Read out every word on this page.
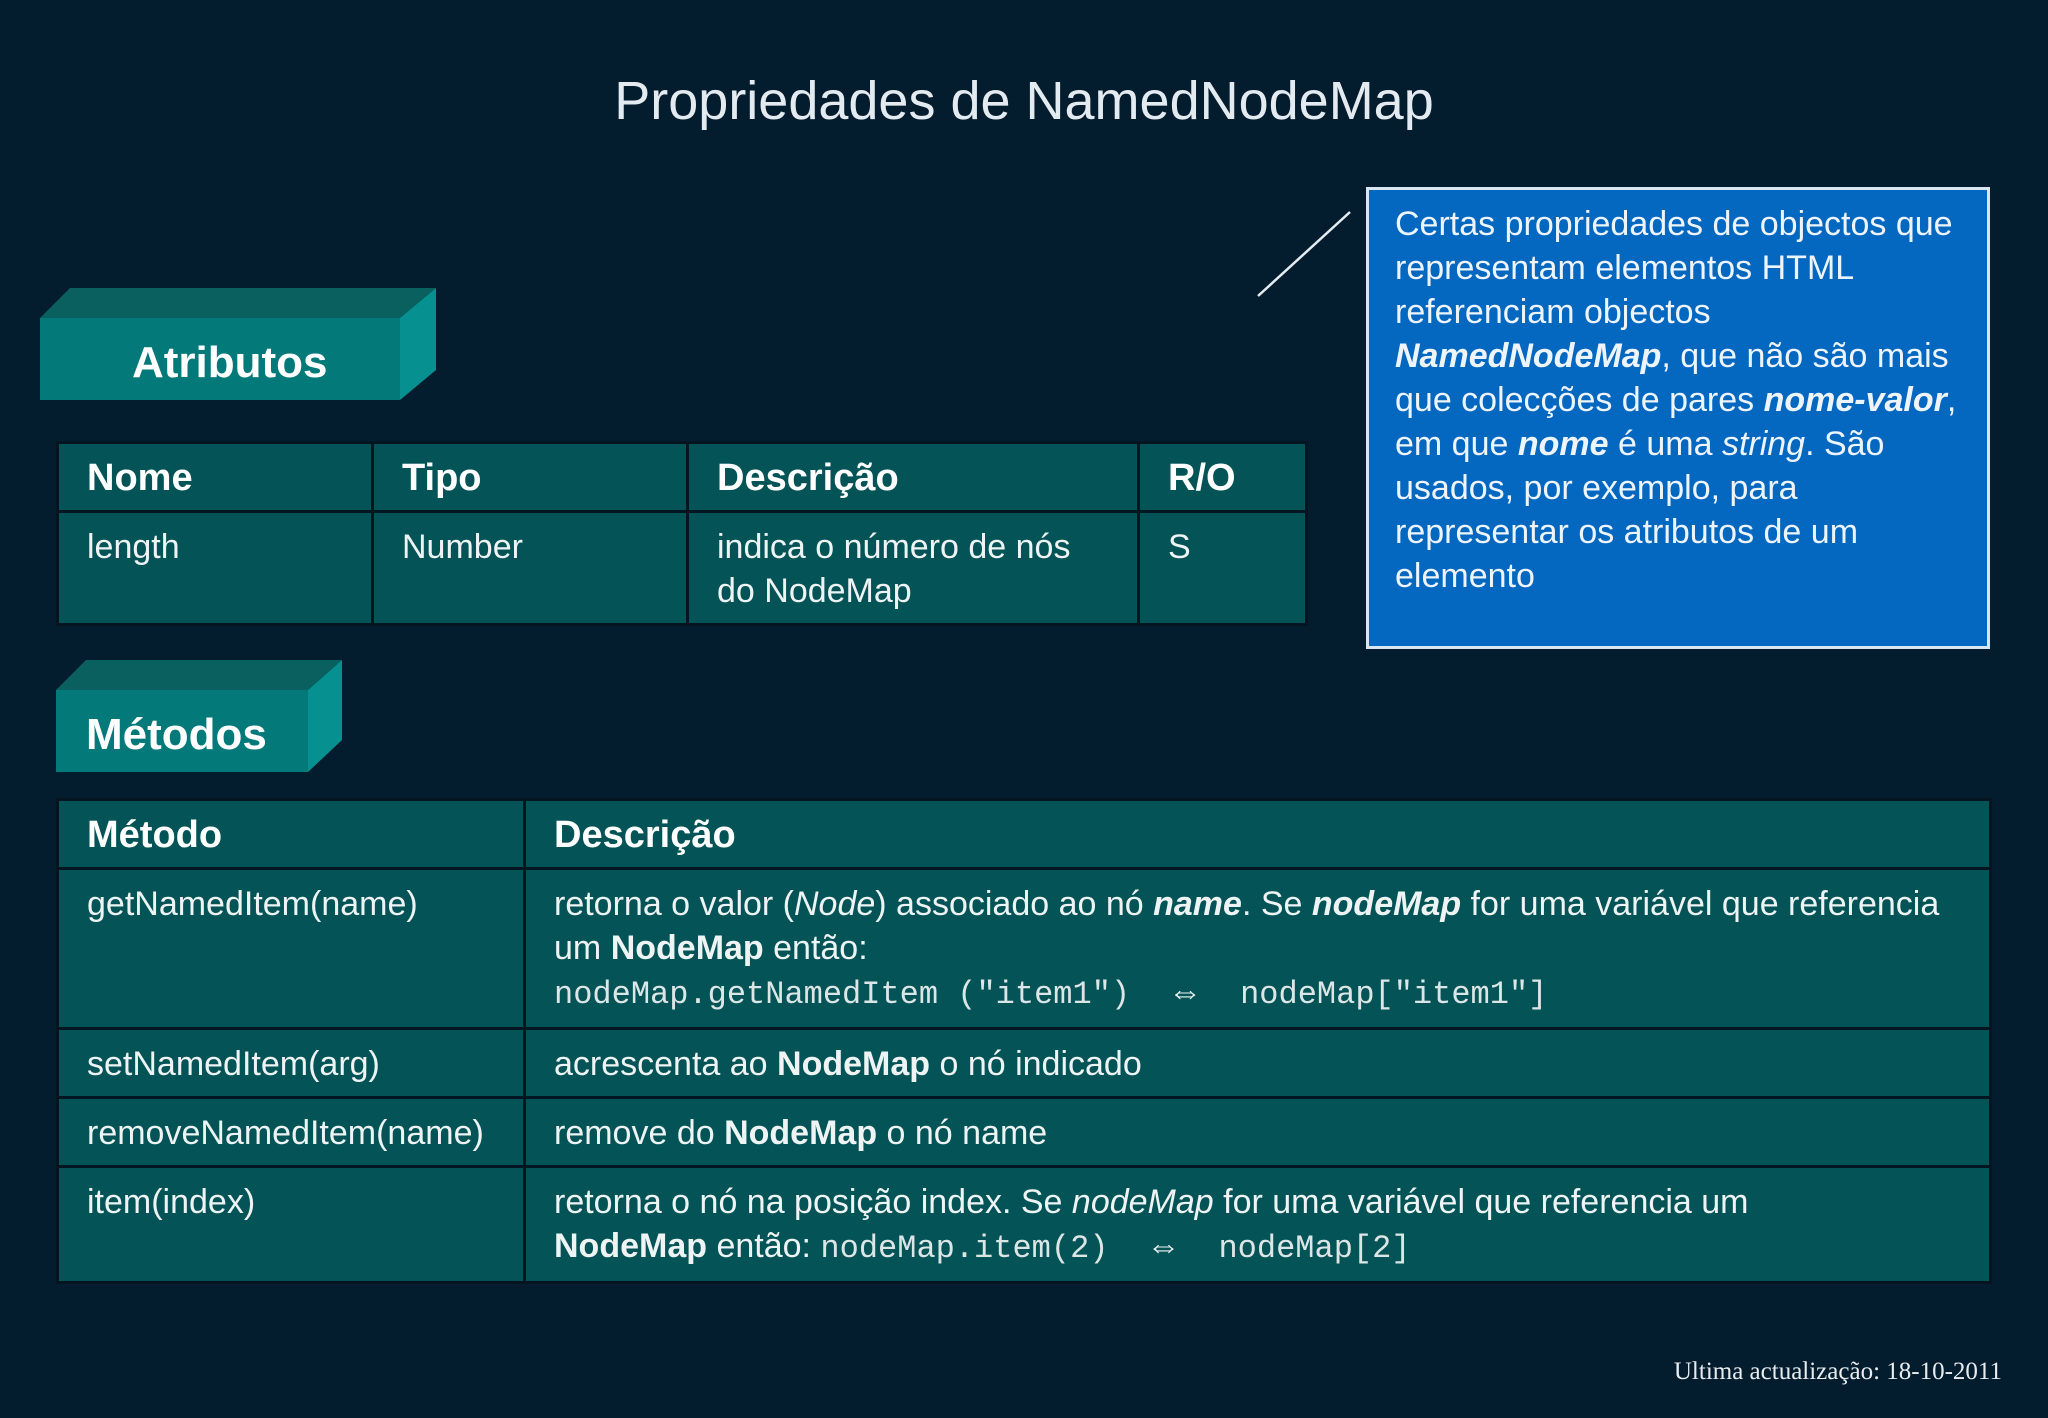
Propriedades de NamedNodeMap
Atributos
Nome	Tipo	Descrição	R/O
length	Number	indica o número de nós do NodeMap	S
Métodos
Método	Descrição
getNamedItem(name)	retorna o valor (Node) associado ao nó name. Se nodeMap for uma variável que referencia um NodeMap então:
nodeMap.getNamedItem ("item1") ⇔ nodeMap["item1"]
setNamedItem(arg)	acrescenta ao NodeMap o nó indicado
removeNamedItem(name)	remove do NodeMap o nó name
item(index)	retorna o nó na posição index. Se nodeMap for uma variável que referencia um
NodeMap então: nodeMap.item(2) ⇔ nodeMap[2]
Certas propriedades de objectos que representam elementos HTML referenciam objectos NamedNodeMap, que não são mais que colecções de pares nome-valor, em que nome é uma string. São usados, por exemplo, para representar os atributos de um elemento
Ultima actualização: 18-10-2011
